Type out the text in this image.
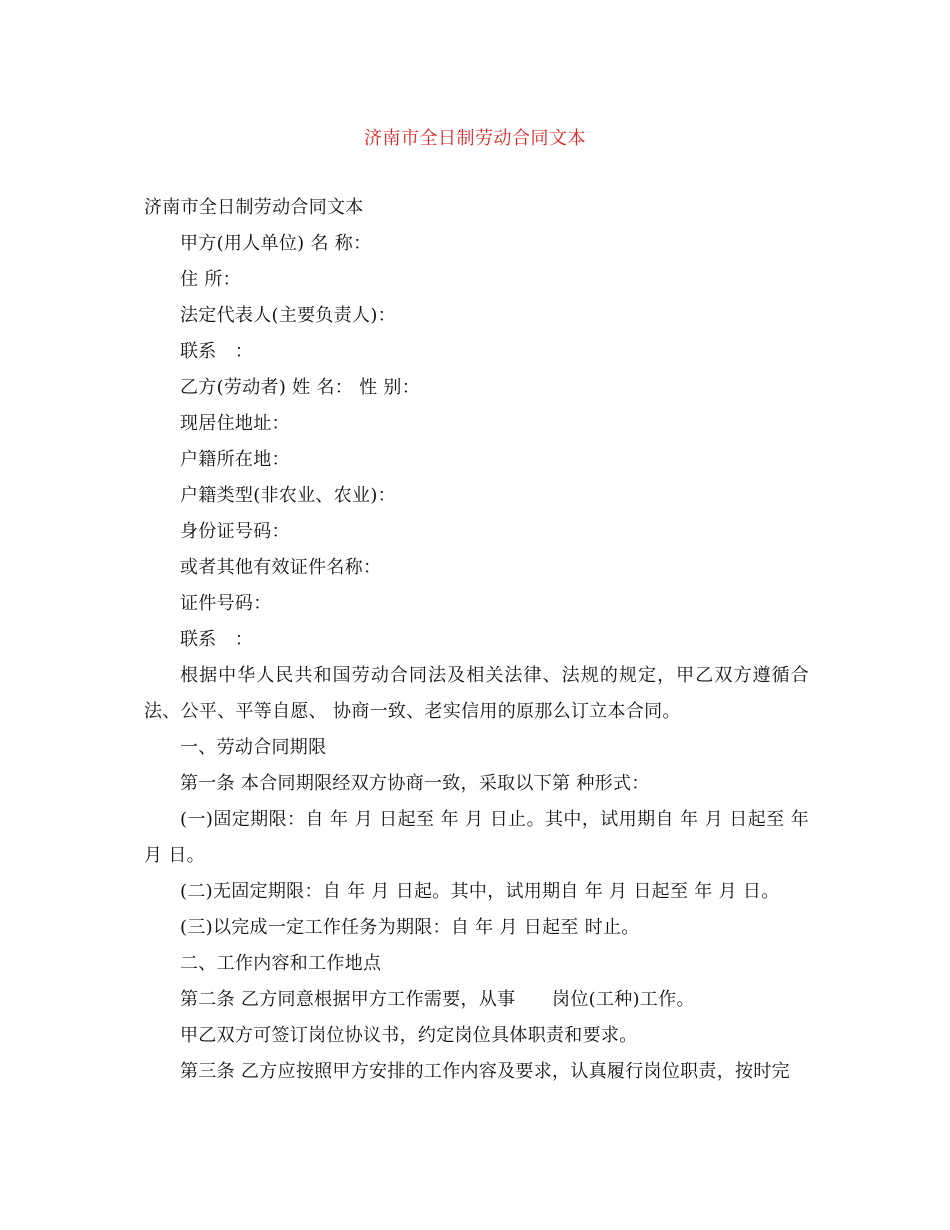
济南市全日制劳动合同文本
济南市全日制劳动合同文本
甲方(用人单位) 名 称：
住 所：
法定代表人(主要负责人)：
联系　：
乙方(劳动者) 姓 名： 性 别：
现居住地址：
户籍所在地：
户籍类型(非农业、农业)：
身份证号码：
或者其他有效证件名称：
证件号码：
联系　：
根据中华人民共和国劳动合同法及相关法律、法规的规定，甲乙双方遵循合法、公平、平等自愿、 协商一致、老实信用的原那么订立本合同。
一、劳动合同期限
第一条 本合同期限经双方协商一致，采取以下第 种形式：
(一)固定期限：自 年 月 日起至 年 月 日止。其中，试用期自 年 月 日起至 年 月 日。
(二)无固定期限：自 年 月 日起。其中，试用期自 年 月 日起至 年 月 日。
(三)以完成一定工作任务为期限：自 年 月 日起至 时止。
二、工作内容和工作地点
第二条 乙方同意根据甲方工作需要，从事　　岗位(工种)工作。
甲乙双方可签订岗位协议书，约定岗位具体职责和要求。
第三条 乙方应按照甲方安排的工作内容及要求，认真履行岗位职责，按时完
